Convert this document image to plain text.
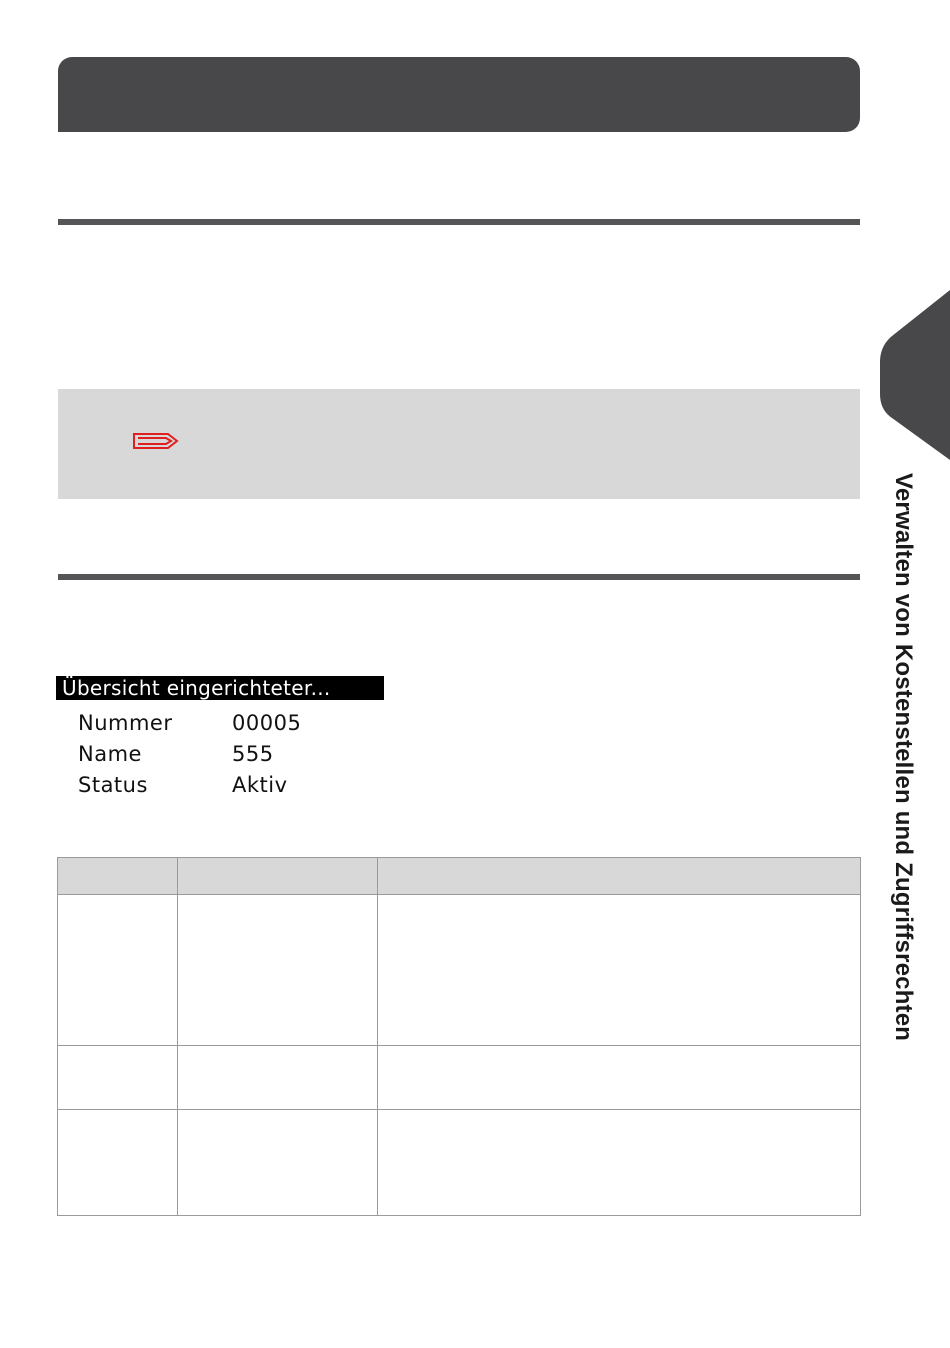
Übersicht eingerichteter...
Nummer	00005
Name	555
Status	Aktiv

			Verwalten von Kostenstellen und Zugriffsrechten
